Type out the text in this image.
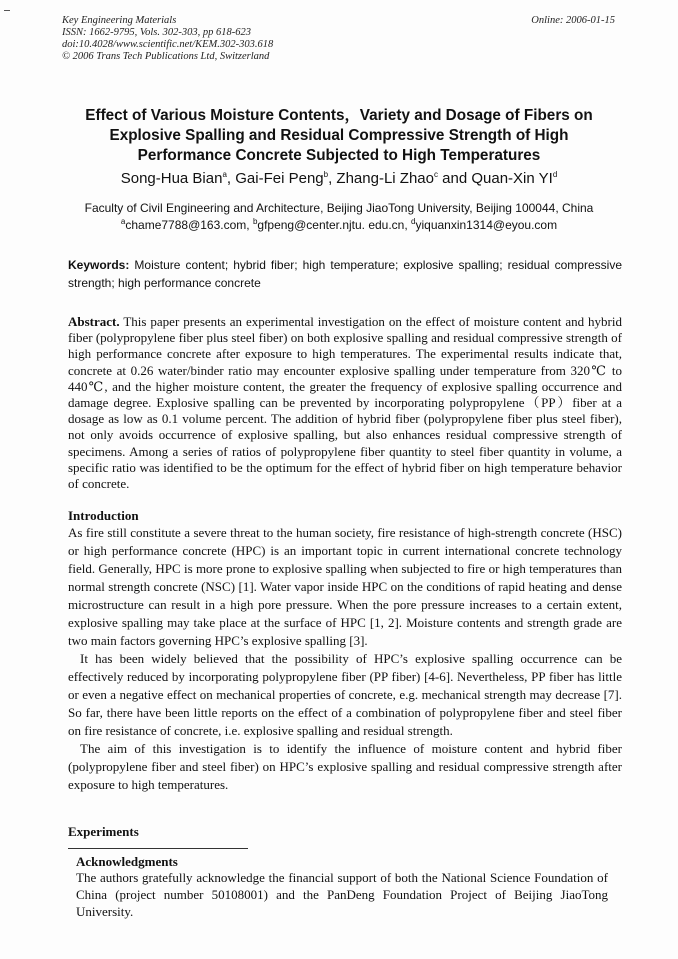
Key Engineering Materials
ISSN: 1662-9795, Vols. 302-303, pp 618-623
doi:10.4028/www.scientific.net/KEM.302-303.618
© 2006 Trans Tech Publications Ltd, Switzerland
Online: 2006-01-15
Effect of Various Moisture Contents，Variety and Dosage of Fibers on
Explosive Spalling and Residual Compressive Strength of High
Performance Concrete Subjected to High Temperatures
Song-Hua Bian$^a$, Gai-Fei Peng$^b$, Zhang-Li Zhao$^c$ and Quan-Xin $YI^d$
Faculty of Civil Engineering and Architecture, Beijing JiaoTong University, Beijing 100044, China
$^a$chame7788@163.com, $^b$gfpeng@center.njtu. edu.cn, $^d$yiquanxin1314@eyou.com
Keywords: Moisture content; hybrid fiber; high temperature; explosive spalling; residual compressive strength; high performance concrete
Abstract. This paper presents an experimental investigation on the effect of moisture content and hybrid fiber (polypropylene fiber plus steel fiber) on both explosive spalling and residual compressive strength of high performance concrete after exposure to high temperatures. The experimental results indicate that, concrete at 0.26 water/binder ratio may encounter explosive spalling under temperature from 320℃ to 440℃, and the higher moisture content, the greater the frequency of explosive spalling occurrence and damage degree. Explosive spalling can be prevented by incorporating polypropylene（PP）fiber at a dosage as low as 0.1 volume percent. The addition of hybrid fiber (polypropylene fiber plus steel fiber), not only avoids occurrence of explosive spalling, but also enhances residual compressive strength of specimens. Among a series of ratios of polypropylene fiber quantity to steel fiber quantity in volume, a specific ratio was identified to be the optimum for the effect of hybrid fiber on high temperature behavior of concrete.
Introduction

As fire still constitute a severe threat to the human society, fire resistance of high-strength concrete (HSC) or high performance concrete (HPC) is an important topic in current international concrete technology field. Generally, HPC is more prone to explosive spalling when subjected to fire or high temperatures than normal strength concrete (NSC) [1]. Water vapor inside HPC on the conditions of rapid heating and dense microstructure can result in a high pore pressure. When the pore pressure increases to a certain extent, explosive spalling may take place at the surface of HPC [1, 2]. Moisture contents and strength grade are two main factors governing HPC’s explosive spalling [3].

It has been widely believed that the possibility of HPC’s explosive spalling occurrence can be effectively reduced by incorporating polypropylene fiber (PP fiber) [4-6]. Nevertheless, PP fiber has little or even a negative effect on mechanical properties of concrete, e.g. mechanical strength may decrease [7]. So far, there have been little reports on the effect of a combination of polypropylene fiber and steel fiber on fire resistance of concrete, i.e. explosive spalling and residual strength.

The aim of this investigation is to identify the influence of moisture content and hybrid fiber (polypropylene fiber and steel fiber) on HPC’s explosive spalling and residual compressive strength after exposure to high temperatures.

Experiments
Acknowledgments
The authors gratefully acknowledge the financial support of both the National Science Foundation of China (project number 50108001) and the PanDeng Foundation Project of Beijing JiaoTong University.
